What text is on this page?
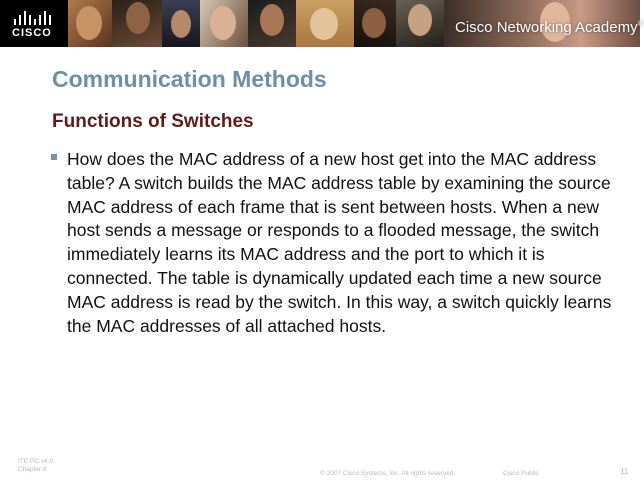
CISCO	Cisco Networking Academy®
Communication Methods
Functions of Switches

How does the MAC address of a new host get into the MAC address table? A switch builds the MAC address table by examining the source MAC address of each frame that is sent between hosts. When a new host sends a message or responds to a flooded message, the switch immediately learns its MAC address and the port to which it is connected. The table is dynamically updated each time a new source MAC address is read by the switch. In this way, a switch quickly learns the MAC addresses of all attached hosts.

ITE PC v4.0
Chapter 8
© 2007 Cisco Systems, Inc. All rights reserved.	Cisco Public	11
